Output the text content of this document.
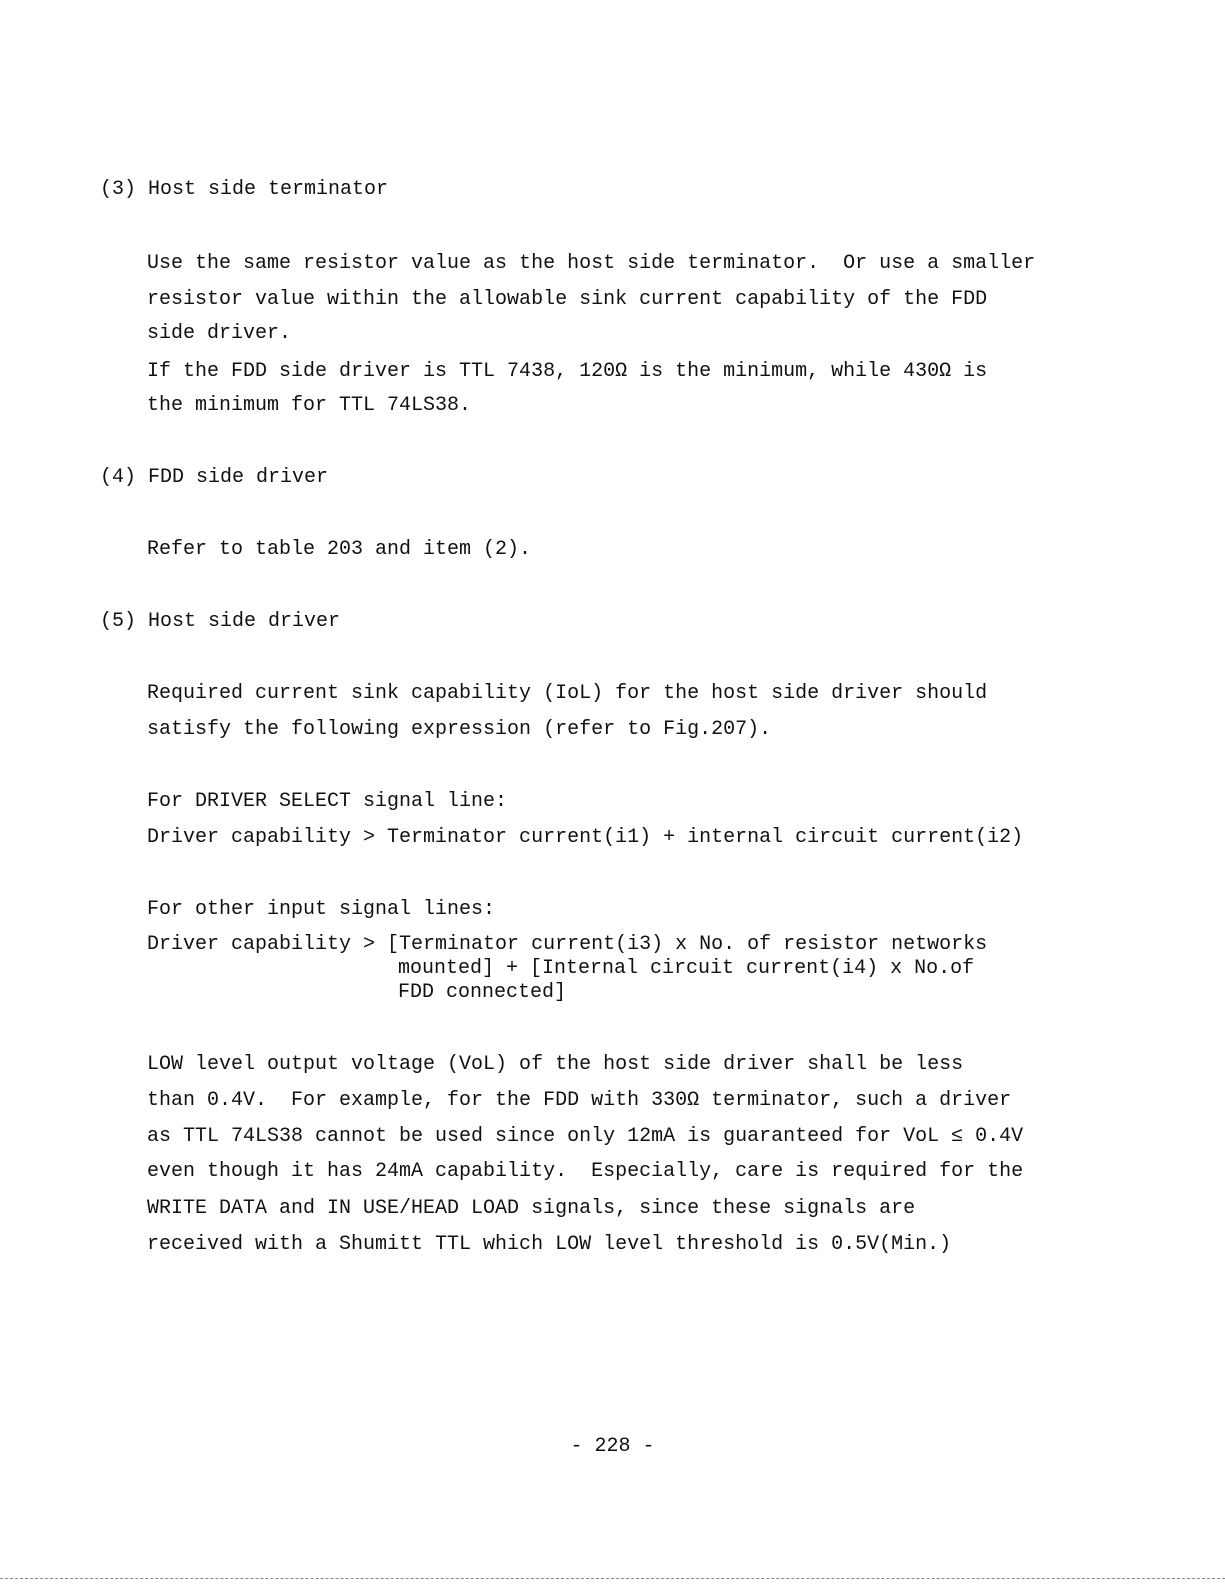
(3) Host side terminator
Use the same resistor value as the host side terminator.  Or use a smaller
resistor value within the allowable sink current capability of the FDD
side driver.
If the FDD side driver is TTL 7438, 120Ω is the minimum, while 430Ω is
the minimum for TTL 74LS38.
(4) FDD side driver
Refer to table 203 and item (2).
(5) Host side driver
Required current sink capability (IoL) for the host side driver should
satisfy the following expression (refer to Fig.207).
For DRIVER SELECT signal line:
Driver capability > Terminator current(i1) + internal circuit current(i2)
For other input signal lines:
Driver capability > [Terminator current(i3) x No. of resistor networks
mounted] + [Internal circuit current(i4) x No.of
FDD connected]
LOW level output voltage (VoL) of the host side driver shall be less
than 0.4V.  For example, for the FDD with 330Ω terminator, such a driver
as TTL 74LS38 cannot be used since only 12mA is guaranteed for VoL ≤ 0.4V
even though it has 24mA capability.  Especially, care is required for the
WRITE DATA and IN USE/HEAD LOAD signals, since these signals are
received with a Shumitt TTL which LOW level threshold is 0.5V(Min.)
- 228 -
